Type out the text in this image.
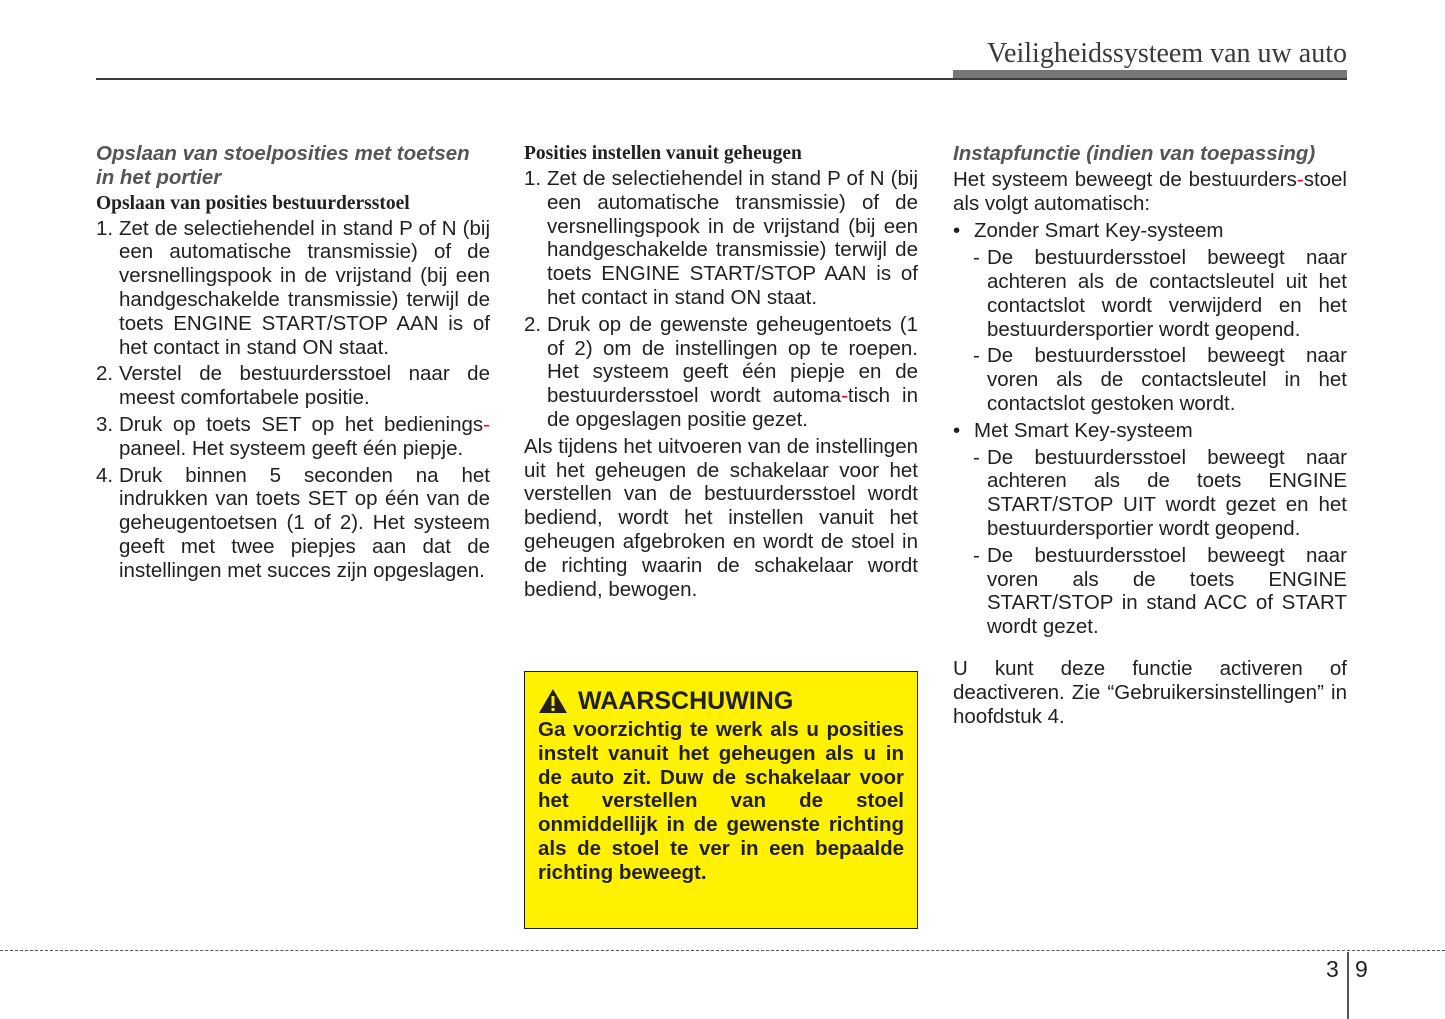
Veiligheidssysteem van uw auto
Opslaan van stoelposities met toetsen in het portier
Opslaan van posities bestuurdersstoel
1. Zet de selectiehendel in stand P of N (bij een automatische transmissie) of de versnellingspook in de vrijstand (bij een handgeschakelde transmissie) terwijl de toets ENGINE START/STOP AAN is of het contact in stand ON staat.
2. Verstel de bestuurdersstoel naar de meest comfortabele positie.
3. Druk op toets SET op het bedienings-paneel. Het systeem geeft één piepje.
4. Druk binnen 5 seconden na het indrukken van toets SET op één van de geheugentoetsen (1 of 2). Het systeem geeft met twee piepjes aan dat de instellingen met succes zijn opgeslagen.
Posities instellen vanuit geheugen
1. Zet de selectiehendel in stand P of N (bij een automatische transmissie) of de versnellingspook in de vrijstand (bij een handgeschakelde transmissie) terwijl de toets ENGINE START/STOP AAN is of het contact in stand ON staat.
2. Druk op de gewenste geheugentoets (1 of 2) om de instellingen op te roepen. Het systeem geeft één piepje en de bestuurdersstoel wordt automa-tisch in de opgeslagen positie gezet.
Als tijdens het uitvoeren van de instellingen uit het geheugen de schakelaar voor het verstellen van de bestuurdersstoel wordt bediend, wordt het instellen vanuit het geheugen afgebroken en wordt de stoel in de richting waarin de schakelaar wordt bediend, bewogen.
WAARSCHUWING
Ga voorzichtig te werk als u posities instelt vanuit het geheugen als u in de auto zit. Duw de schakelaar voor het verstellen van de stoel onmiddellijk in de gewenste richting als de stoel te ver in een bepaalde richting beweegt.
Instapfunctie (indien van toepassing)
Het systeem beweegt de bestuurders-stoel als volgt automatisch:
• Zonder Smart Key-systeem
- De bestuurdersstoel beweegt naar achteren als de contactsleutel uit het contactslot wordt verwijderd en het bestuurdersportier wordt geopend.
- De bestuurdersstoel beweegt naar voren als de contactsleutel in het contactslot gestoken wordt.
• Met Smart Key-systeem
- De bestuurdersstoel beweegt naar achteren als de toets ENGINE START/STOP UIT wordt gezet en het bestuurdersportier wordt geopend.
- De bestuurdersstoel beweegt naar voren als de toets ENGINE START/STOP in stand ACC of START wordt gezet.
U kunt deze functie activeren of deactiveren. Zie “Gebruikersinstellingen” in hoofdstuk 4.
3 9
